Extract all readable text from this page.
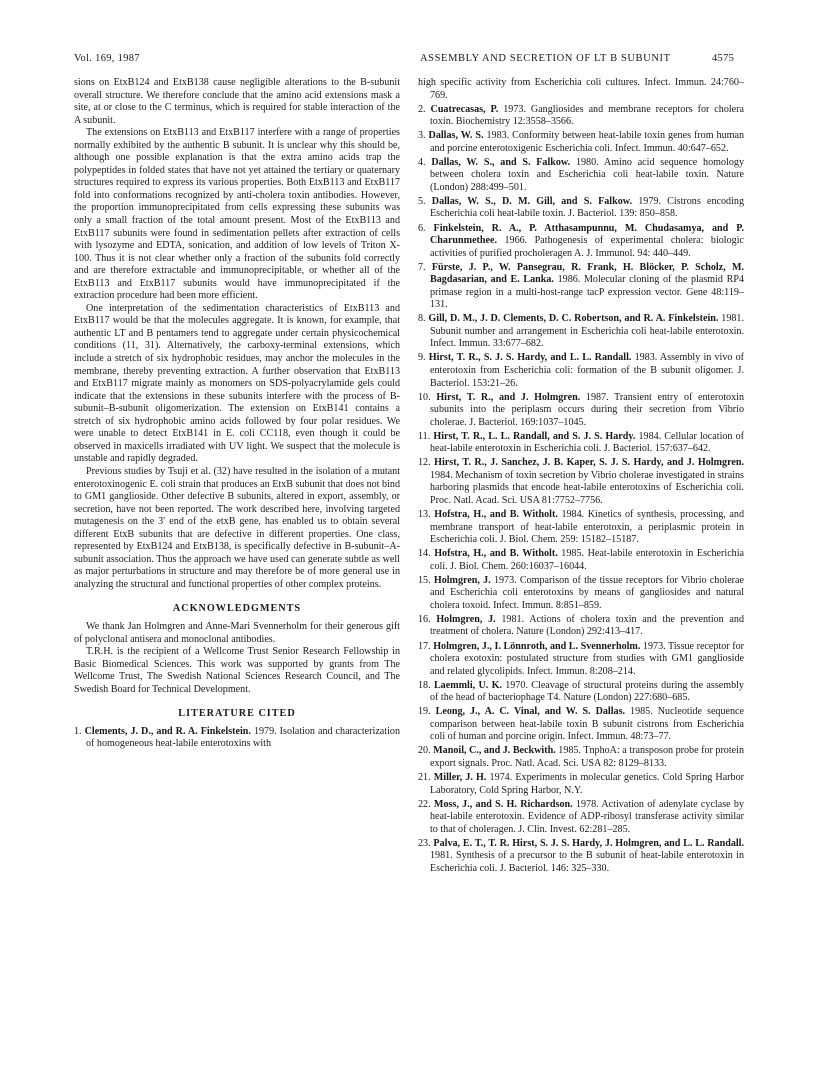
Vol. 169, 1987	ASSEMBLY AND SECRETION OF LT B SUBUNIT	4575

sions on EtxB124 and EtxB138 cause negligible alterations to the B-subunit overall structure. We therefore conclude that the amino acid extensions mask a site, at or close to the C terminus, which is required for stable interaction of the A subunit.

The extensions on EtxB113 and EtxB117 interfere with a range of properties normally exhibited by the authentic B subunit. It is unclear why this should be, although one possible explanation is that the extra amino acids trap the polypeptides in folded states that have not yet attained the tertiary or quaternary structures required to express its various properties. Both EtxB113 and EtxB117 fold into conformations recognized by anti-cholera toxin antibodies. However, the proportion immunoprecipitated from cells expressing these subunits was only a small fraction of the total amount present. Most of the EtxB113 and EtxB117 subunits were found in sedimentation pellets after extraction of cells with lysozyme and EDTA, sonication, and addition of low levels of Triton X-100. Thus it is not clear whether only a fraction of the subunits fold correctly and are therefore extractable and immunoprecipitable, or whether all of the EtxB113 and EtxB117 subunits would have immunoprecipitated if the extraction procedure had been more efficient.

One interpretation of the sedimentation characteristics of EtxB113 and EtxB117 would be that the molecules aggregate. It is known, for example, that authentic LT and B pentamers tend to aggregate under certain physicochemical conditions (11, 31). Alternatively, the carboxy-terminal extensions, which include a stretch of six hydrophobic residues, may anchor the molecules in the membrane, thereby preventing extraction. A further observation that EtxB113 and EtxB117 migrate mainly as monomers on SDS-polyacrylamide gels could indicate that the extensions in these subunits interfere with the process of B-subunit–B-subunit oligomerization. The extension on EtxB141 contains a stretch of six hydrophobic amino acids followed by four polar residues. We were unable to detect EtxB141 in E. coli CC118, even though it could be observed in maxicells irradiated with UV light. We suspect that the molecule is unstable and rapidly degraded.

Previous studies by Tsuji et al. (32) have resulted in the isolation of a mutant enterotoxinogenic E. coli strain that produces an EtxB subunit that does not bind to GM1 ganglioside. Other defective B subunits, altered in export, assembly, or secretion, have not been reported. The work described here, involving targeted mutagenesis on the 3′ end of the etxB gene, has enabled us to obtain several different EtxB subunits that are defective in different properties. One class, represented by EtxB124 and EtxB138, is specifically defective in B-subunit–A-subunit association. Thus the approach we have used can generate subtle as well as major perturbations in structure and may therefore be of more general use in analyzing the structural and functional properties of other complex proteins.

ACKNOWLEDGMENTS

We thank Jan Holmgren and Anne-Mari Svennerholm for their generous gift of polyclonal antisera and monoclonal antibodies.

T.R.H. is the recipient of a Wellcome Trust Senior Research Fellowship in Basic Biomedical Sciences. This work was supported by grants from The Wellcome Trust, The Swedish National Sciences Research Council, and The Swedish Board for Technical Development.

LITERATURE CITED
1. Clements, J. D., and R. A. Finkelstein. 1979. Isolation and characterization of homogeneous heat-labile enterotoxins with
high specific activity from Escherichia coli cultures. Infect. Immun. 24:760–769.
2. Cuatrecasas, P. 1973. Gangliosides and membrane receptors for cholera toxin. Biochemistry 12:3558–3566.
3. Dallas, W. S. 1983. Conformity between heat-labile toxin genes from human and porcine enterotoxigenic Escherichia coli. Infect. Immun. 40:647–652.
4. Dallas, W. S., and S. Falkow. 1980. Amino acid sequence homology between cholera toxin and Escherichia coli heat-labile toxin. Nature (London) 288:499–501.
5. Dallas, W. S., D. M. Gill, and S. Falkow. 1979. Cistrons encoding Escherichia coli heat-labile toxin. J. Bacteriol. 139: 850–858.
6. Finkelstein, R. A., P. Atthasampunnu, M. Chudasamya, and P. Charunmethee. 1966. Pathogenesis of experimental cholera: biologic activities of purified procholeragen A. J. Immunol. 94: 440–449.
7. Fürste, J. P., W. Pansegrau, R. Frank, H. Blöcker, P. Scholz, M. Bagdasarian, and E. Lanka. 1986. Molecular cloning of the plasmid RP4 primase region in a multi-host-range tacP expression vector. Gene 48:119–131.
8. Gill, D. M., J. D. Clements, D. C. Robertson, and R. A. Finkelstein. 1981. Subunit number and arrangement in Escherichia coli heat-labile enterotoxin. Infect. Immun. 33:677–682.
9. Hirst, T. R., S. J. S. Hardy, and L. L. Randall. 1983. Assembly in vivo of enterotoxin from Escherichia coli: formation of the B subunit oligomer. J. Bacteriol. 153:21–26.
10. Hirst, T. R., and J. Holmgren. 1987. Transient entry of enterotoxin subunits into the periplasm occurs during their secretion from Vibrio cholerae. J. Bacteriol. 169:1037–1045.
11. Hirst, T. R., L. L. Randall, and S. J. S. Hardy. 1984. Cellular location of heat-labile enterotoxin in Escherichia coli. J. Bacteriol. 157:637–642.
12. Hirst, T. R., J. Sanchez, J. B. Kaper, S. J. S. Hardy, and J. Holmgren. 1984. Mechanism of toxin secretion by Vibrio cholerae investigated in strains harboring plasmids that encode heat-labile enterotoxins of Escherichia coli. Proc. Natl. Acad. Sci. USA 81:7752–7756.
13. Hofstra, H., and B. Witholt. 1984. Kinetics of synthesis, processing, and membrane transport of heat-labile enterotoxin, a periplasmic protein in Escherichia coli. J. Biol. Chem. 259: 15182–15187.
14. Hofstra, H., and B. Witholt. 1985. Heat-labile enterotoxin in Escherichia coli. J. Biol. Chem. 260:16037–16044.
15. Holmgren, J. 1973. Comparison of the tissue receptors for Vibrio cholerae and Escherichia coli enterotoxins by means of gangliosides and natural cholera toxoid. Infect. Immun. 8:851–859.
16. Holmgren, J. 1981. Actions of cholera toxin and the prevention and treatment of cholera. Nature (London) 292:413–417.
17. Holmgren, J., I. Lönnroth, and L. Svennerholm. 1973. Tissue receptor for cholera exotoxin: postulated structure from studies with GM1 ganglioside and related glycolipids. Infect. Immun. 8:208–214.
18. Laemmli, U. K. 1970. Cleavage of structural proteins during the assembly of the head of bacteriophage T4. Nature (London) 227:680–685.
19. Leong, J., A. C. Vinal, and W. S. Dallas. 1985. Nucleotide sequence comparison between heat-labile toxin B subunit cistrons from Escherichia coli of human and porcine origin. Infect. Immun. 48:73–77.
20. Manoil, C., and J. Beckwith. 1985. TnphoA: a transposon probe for protein export signals. Proc. Natl. Acad. Sci. USA 82: 8129–8133.
21. Miller, J. H. 1974. Experiments in molecular genetics. Cold Spring Harbor Laboratory, Cold Spring Harbor, N.Y.
22. Moss, J., and S. H. Richardson. 1978. Activation of adenylate cyclase by heat-labile enterotoxin. Evidence of ADP-ribosyl transferase activity similar to that of choleragen. J. Clin. Invest. 62:281–285.
23. Palva, E. T., T. R. Hirst, S. J. S. Hardy, J. Holmgren, and L. L. Randall. 1981. Synthesis of a precursor to the B subunit of heat-labile enterotoxin in Escherichia coli. J. Bacteriol. 146: 325–330.
